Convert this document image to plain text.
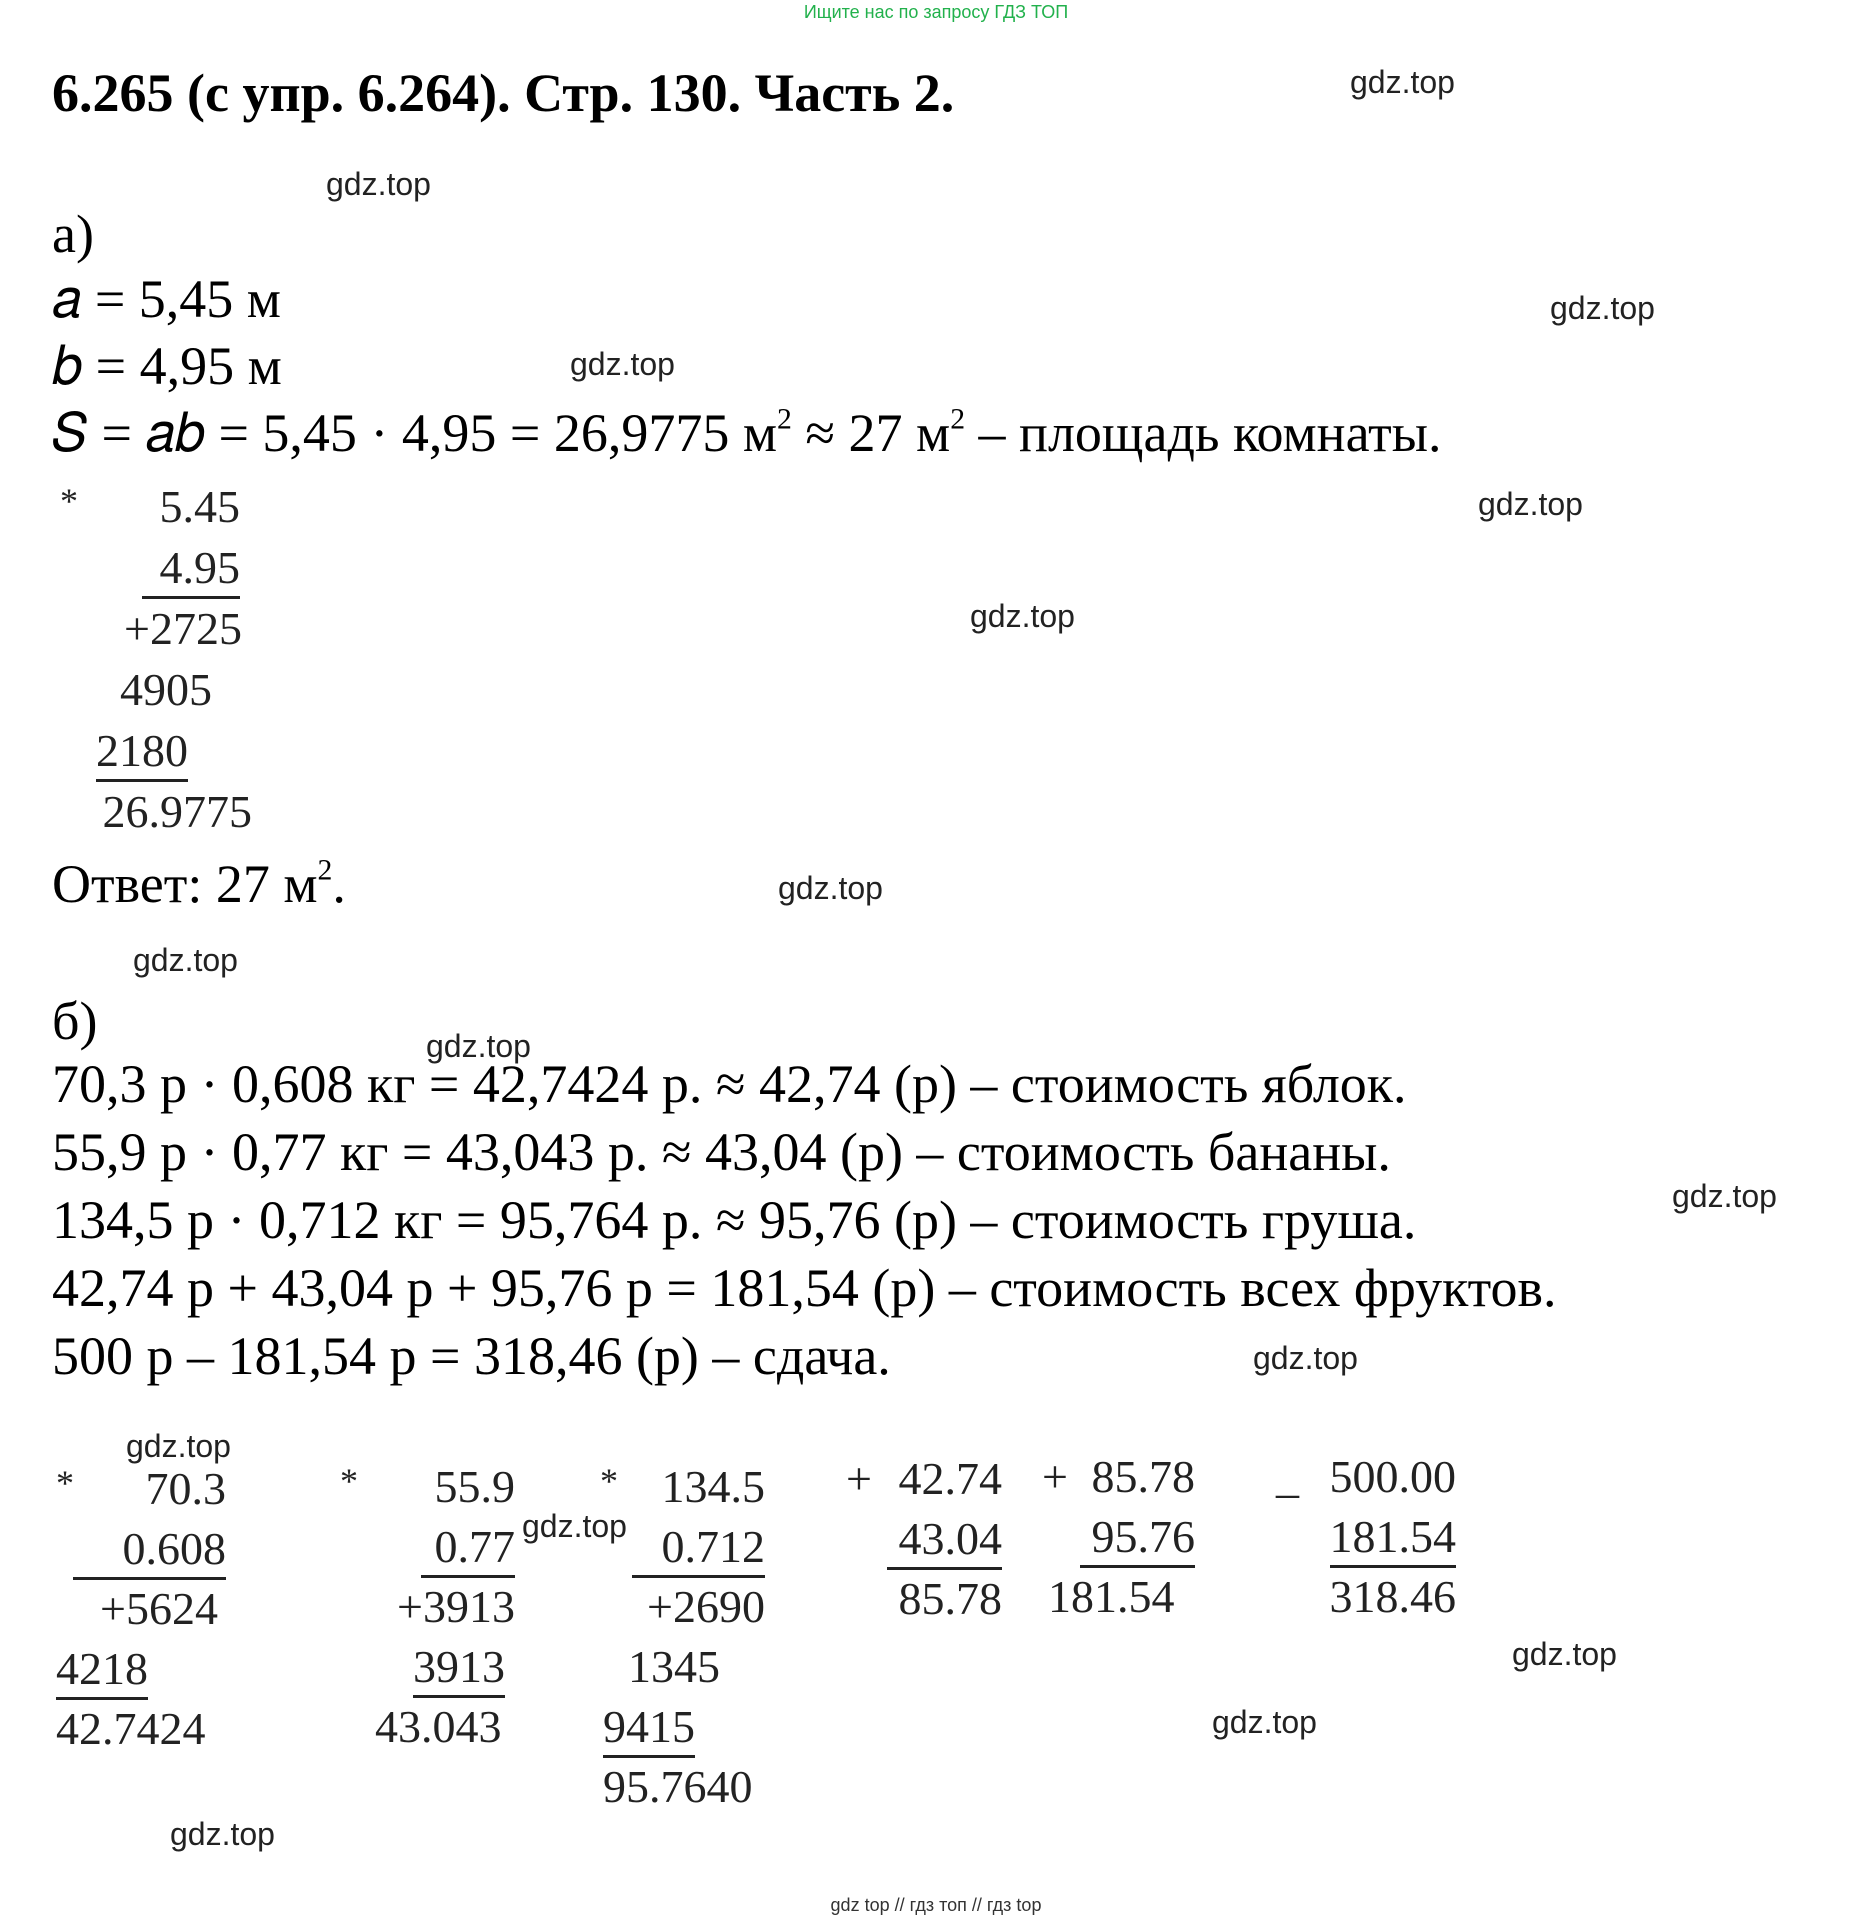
Ищите нас по запросу ГДЗ ТОП
6.265 (с упр. 6.264). Стр. 130. Часть 2.
а)
𝑎 = 5,45 м
𝑏 = 4,95 м
𝑆 = 𝑎𝑏 = 5,45 · 4,95 = 26,9775 $м^2 \approx 27$ $м^2$ – площадь комнаты.
* 5.45
4.95
+2725
4905
2180
26.9775
Ответ: 27 $м^2$.
б)
70,3 р · 0,608 кг = 42,7424 р. ≈ 42,74 (р) – стоимость яблок.
55,9 р · 0,77 кг = 43,043 р. ≈ 43,04 (р) – стоимость бананы.
134,5 р · 0,712 кг = 95,764 р. ≈ 95,76 (р) – стоимость груша.
42,74 р + 43,04 р + 95,76 р = 181,54 (р) – стоимость всех фруктов.
500 р – 181,54 р = 318,46 (р) – сдача.
* 70.3
0.608
+5624
4218
42.7424
* 55.9
0.77
+3913
3913
43.043
* 134.5
0.712
+2690
1345
9415
95.7640
+ 42.74
43.04
85.78
+ 85.78
95.76
181.54
_ 500.00
181.54
318.46
gdz.top
gdz.top
gdz.top
gdz.top
gdz.top
gdz.top
gdz.top
gdz.top
gdz.top
gdz.top
gdz.top
gdz.top
gdz.top
gdz.top
gdz.top
gdz.top
gdz top // гдз топ // гдз top
